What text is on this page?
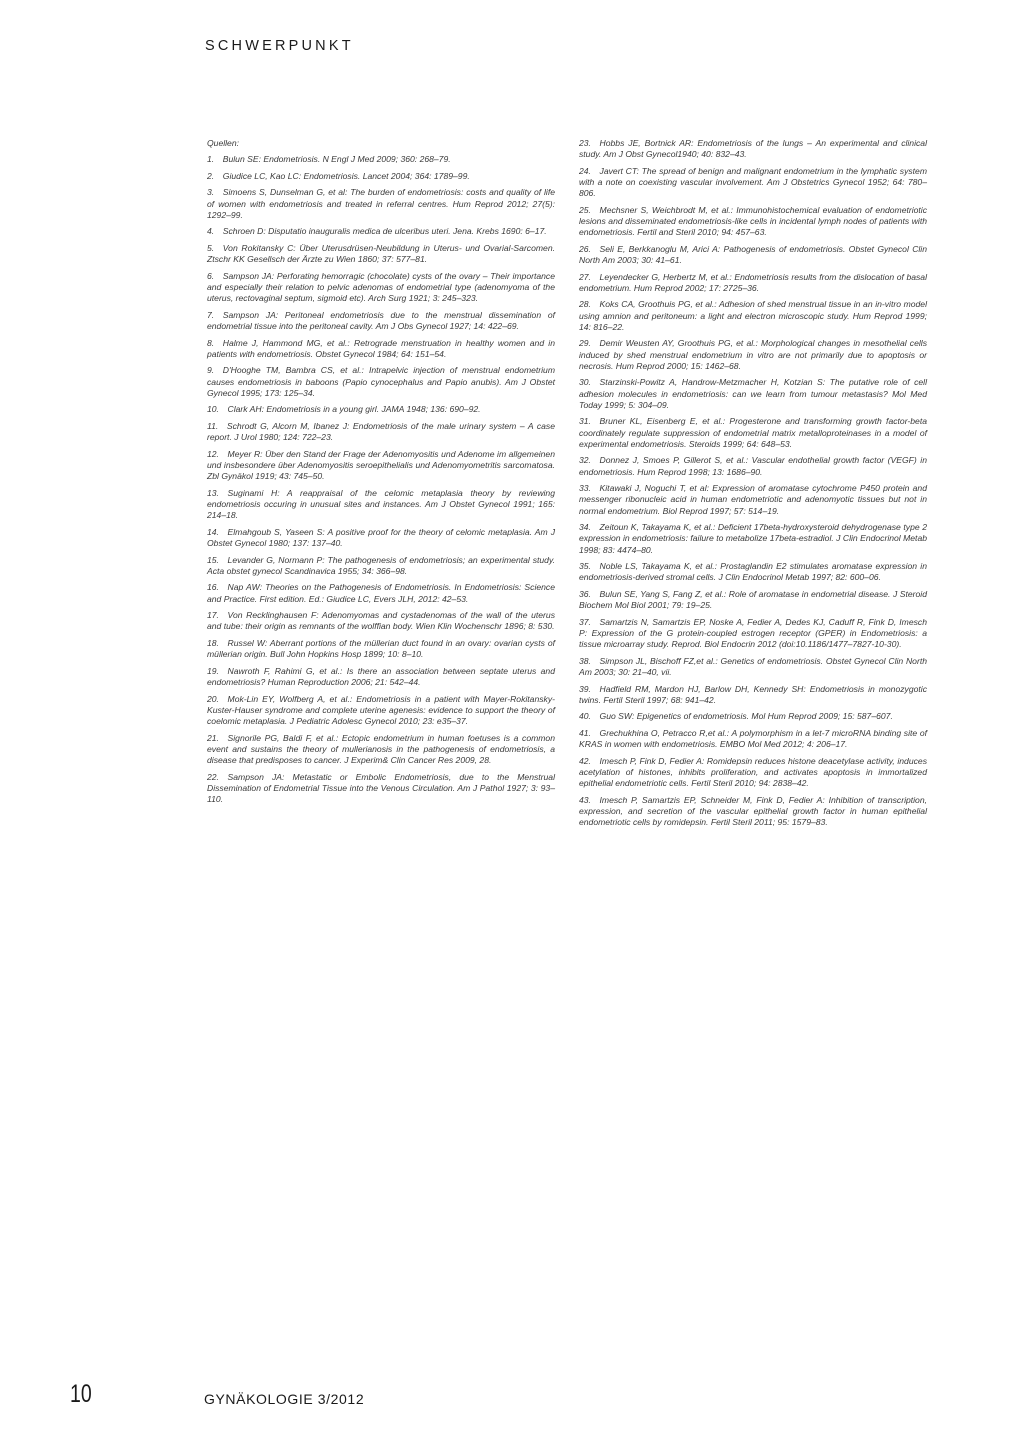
SCHWERPUNKT

Quellen:

1. Bulun SE: Endometriosis. N Engl J Med 2009; 360: 268–79.

2. Giudice LC, Kao LC: Endometriosis. Lancet 2004; 364: 1789–99.

3. Simoens S, Dunselman G, et al: The burden of endometriosis: costs and quality of life of women with endometriosis and treated in referral centres. Hum Reprod 2012; 27(5): 1292–99.

4. Schroen D: Disputatio inauguralis medica de ulceribus uteri. Jena. Krebs 1690: 6–17.

5. Von Rokitansky C: Über Uterusdrüsen-Neubildung in Uterus- und Ovarial-Sarcomen. Ztschr KK Gesellsch der Ärzte zu Wien 1860; 37: 577–81.

6. Sampson JA: Perforating hemorragic (chocolate) cysts of the ovary – Their importance and especially their relation to pelvic adenomas of endometrial type (adenomyoma of the uterus, rectovaginal septum, sigmoid etc). Arch Surg 1921; 3: 245–323.

7. Sampson JA: Peritoneal endometriosis due to the menstrual dissemination of endometrial tissue into the peritoneal cavity. Am J Obs Gynecol 1927; 14: 422–69.

8. Halme J, Hammond MG, et al.: Retrograde menstruation in healthy women and in patients with endometriosis. Obstet Gynecol 1984; 64: 151–54.

9. D'Hooghe TM, Bambra CS, et al.: Intrapelvic injection of menstrual endometrium causes endometriosis in baboons (Papio cynocephalus and Papio anubis). Am J Obstet Gynecol 1995; 173: 125–34.

10. Clark AH: Endometriosis in a young girl. JAMA 1948; 136: 690–92.

11. Schrodt G, Alcorn M, Ibanez J: Endometriosis of the male urinary system – A case report. J Urol 1980; 124: 722–23.

12. Meyer R: Über den Stand der Frage der Adenomyositis und Adenome im allgemeinen und insbesondere über Adenomyositis seroepithelialis und Adenomyometritis sarcomatosa. Zbl Gynäkol 1919; 43: 745–50.

13. Suginami H: A reappraisal of the celomic metaplasia theory by reviewing endometriosis occuring in unusual sites and instances. Am J Obstet Gynecol 1991; 165: 214–18.

14. Elmahgoub S, Yaseen S: A positive proof for the theory of celomic metaplasia. Am J Obstet Gynecol 1980; 137: 137–40.

15. Levander G, Normann P: The pathogenesis of endometriosis; an experimental study. Acta obstet gynecol Scandinavica 1955; 34: 366–98.

16. Nap AW: Theories on the Pathogenesis of Endometriosis. In Endometriosis: Science and Practice. First edition. Ed.: Giudice LC, Evers JLH, 2012: 42–53.

17. Von Recklinghausen F: Adenomyomas and cystadenomas of the wall of the uterus and tube: their origin as remnants of the wolffian body. Wien Klin Wochenschr 1896; 8: 530.

18. Russel W: Aberrant portions of the müllerian duct found in an ovary: ovarian cysts of müllerian origin. Bull John Hopkins Hosp 1899; 10: 8–10.

19. Nawroth F, Rahimi G, et al.: Is there an association between septate uterus and endometriosis? Human Reproduction 2006; 21: 542–44.

20. Mok-Lin EY, Wolfberg A, et al.: Endometriosis in a patient with Mayer-Rokitansky-Kuster-Hauser syndrome and complete uterine agenesis: evidence to support the theory of coelomic metaplasia. J Pediatric Adolesc Gynecol 2010; 23: e35–37.

21. Signorile PG, Baldi F, et al.: Ectopic endometrium in human foetuses is a common event and sustains the theory of mullerianosis in the pathogenesis of endometriosis, a disease that predisposes to cancer. J Experim& Clin Cancer Res 2009, 28.

22. Sampson JA: Metastatic or Embolic Endometriosis, due to the Menstrual Dissemination of Endometrial Tissue into the Venous Circulation. Am J Pathol 1927; 3: 93–110.

23. Hobbs JE, Bortnick AR: Endometriosis of the lungs – An experimental and clinical study. Am J Obst Gynecol1940; 40: 832–43.

24. Javert CT: The spread of benign and malignant endometrium in the lymphatic system with a note on coexisting vascular involvement. Am J Obstetrics Gynecol 1952; 64: 780–806.

25. Mechsner S, Weichbrodt M, et al.: Immunohistochemical evaluation of endometriotic lesions and disseminated endometriosis-like cells in incidental lymph nodes of patients with endometriosis. Fertil and Steril 2010; 94: 457–63.

26. Seli E, Berkkanoglu M, Arici A: Pathogenesis of endometriosis. Obstet Gynecol Clin North Am 2003; 30: 41–61.

27. Leyendecker G, Herbertz M, et al.: Endometriosis results from the dislocation of basal endometrium. Hum Reprod 2002; 17: 2725–36.

28. Koks CA, Groothuis PG, et al.: Adhesion of shed menstrual tissue in an in-vitro model using amnion and peritoneum: a light and electron microscopic study. Hum Reprod 1999; 14: 816–22.

29. Demir Weusten AY, Groothuis PG, et al.: Morphological changes in mesothelial cells induced by shed menstrual endometrium in vitro are not primarily due to apoptosis or necrosis. Hum Reprod 2000; 15: 1462–68.

30. Starzinski-Powitz A, Handrow-Metzmacher H, Kotzian S: The putative role of cell adhesion molecules in endometriosis: can we learn from tumour metastasis? Mol Med Today 1999; 5: 304–09.

31. Bruner KL, Eisenberg E, et al.: Progesterone and transforming growth factor-beta coordinately regulate suppression of endometrial matrix metalloproteinases in a model of experimental endometriosis. Steroids 1999; 64: 648–53.

32. Donnez J, Smoes P, Gillerot S, et al.: Vascular endothelial growth factor (VEGF) in endometriosis. Hum Reprod 1998; 13: 1686–90.

33. Kitawaki J, Noguchi T, et al: Expression of aromatase cytochrome P450 protein and messenger ribonucleic acid in human endometriotic and adenomyotic tissues but not in normal endometrium. Biol Reprod 1997; 57: 514–19.

34. Zeitoun K, Takayama K, et al.: Deficient 17beta-hydroxysteroid dehydrogenase type 2 expression in endometriosis: failure to metabolize 17beta-estradiol. J Clin Endocrinol Metab 1998; 83: 4474–80.

35. Noble LS, Takayama K, et al.: Prostaglandin E2 stimulates aromatase expression in endometriosis-derived stromal cells. J Clin Endocrinol Metab 1997; 82: 600–06.

36. Bulun SE, Yang S, Fang Z, et al.: Role of aromatase in endometrial disease. J Steroid Biochem Mol Biol 2001; 79: 19–25.

37. Samartzis N, Samartzis EP, Noske A, Fedier A, Dedes KJ, Caduff R, Fink D, Imesch P: Expression of the G protein-coupled estrogen receptor (GPER) in Endometriosis: a tissue microarray study. Reprod. Biol Endocrin 2012 (doi:10.1186/1477–7827-10-30).

38. Simpson JL, Bischoff FZ,et al.: Genetics of endometriosis. Obstet Gynecol Clin North Am 2003; 30: 21–40, vii.

39. Hadfield RM, Mardon HJ, Barlow DH, Kennedy SH: Endometriosis in monozygotic twins. Fertil Steril 1997; 68: 941–42.

40. Guo SW: Epigenetics of endometriosis. Mol Hum Reprod 2009; 15: 587–607.

41. Grechukhina O, Petracco R,et al.: A polymorphism in a let-7 microRNA binding site of KRAS in women with endometriosis. EMBO Mol Med 2012; 4: 206–17.

42. Imesch P, Fink D, Fedier A: Romidepsin reduces histone deacetylase activity, induces acetylation of histones, inhibits proliferation, and activates apoptosis in immortalized epithelial endometriotic cells. Fertil Steril 2010; 94: 2838–42.

43. Imesch P, Samartzis EP, Schneider M, Fink D, Fedier A: Inhibition of transcription, expression, and secretion of the vascular epithelial growth factor in human epithelial endometriotic cells by romidepsin. Fertil Steril 2011; 95: 1579–83.

10	GYNÄKOLOGIE 3/2012
